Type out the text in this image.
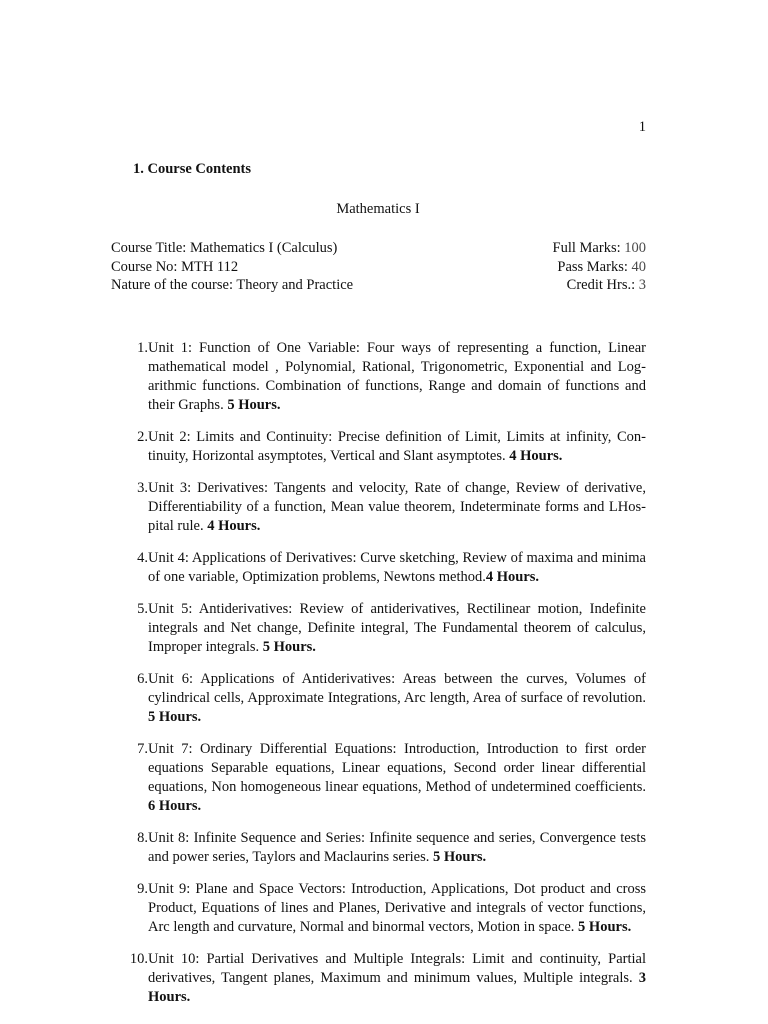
1
1. Course Contents
Mathematics I
Course Title: Mathematics I (Calculus)	Full Marks: 100
Course No: MTH 112	Pass Marks: 40
Nature of the course: Theory and Practice	Credit Hrs.: 3
1. Unit 1: Function of One Variable: Four ways of representing a function, Linear mathematical model , Polynomial, Rational, Trigonometric, Exponential and Logarithmic functions. Combination of functions, Range and domain of functions and their Graphs. 5 Hours.
2. Unit 2: Limits and Continuity: Precise definition of Limit, Limits at infinity, Continuity, Horizontal asymptotes, Vertical and Slant asymptotes. 4 Hours.
3. Unit 3: Derivatives: Tangents and velocity, Rate of change, Review of derivative, Differentiability of a function, Mean value theorem, Indeterminate forms and LHospital rule. 4 Hours.
4. Unit 4: Applications of Derivatives: Curve sketching, Review of maxima and minima of one variable, Optimization problems, Newtons method.4 Hours.
5. Unit 5: Antiderivatives: Review of antiderivatives, Rectilinear motion, Indefinite integrals and Net change, Definite integral, The Fundamental theorem of calculus, Improper integrals. 5 Hours.
6. Unit 6: Applications of Antiderivatives: Areas between the curves, Volumes of cylindrical cells, Approximate Integrations, Arc length, Area of surface of revolution. 5 Hours.
7. Unit 7: Ordinary Differential Equations: Introduction, Introduction to first order equations Separable equations, Linear equations, Second order linear differential equations, Non homogeneous linear equations, Method of undetermined coefficients. 6 Hours.
8. Unit 8: Infinite Sequence and Series: Infinite sequence and series, Convergence tests and power series, Taylors and Maclaurins series. 5 Hours.
9. Unit 9: Plane and Space Vectors: Introduction, Applications, Dot product and cross Product, Equations of lines and Planes, Derivative and integrals of vector functions, Arc length and curvature, Normal and binormal vectors, Motion in space. 5 Hours.
10. Unit 10: Partial Derivatives and Multiple Integrals: Limit and continuity, Partial derivatives, Tangent planes, Maximum and minimum values, Multiple integrals. 3 Hours.
